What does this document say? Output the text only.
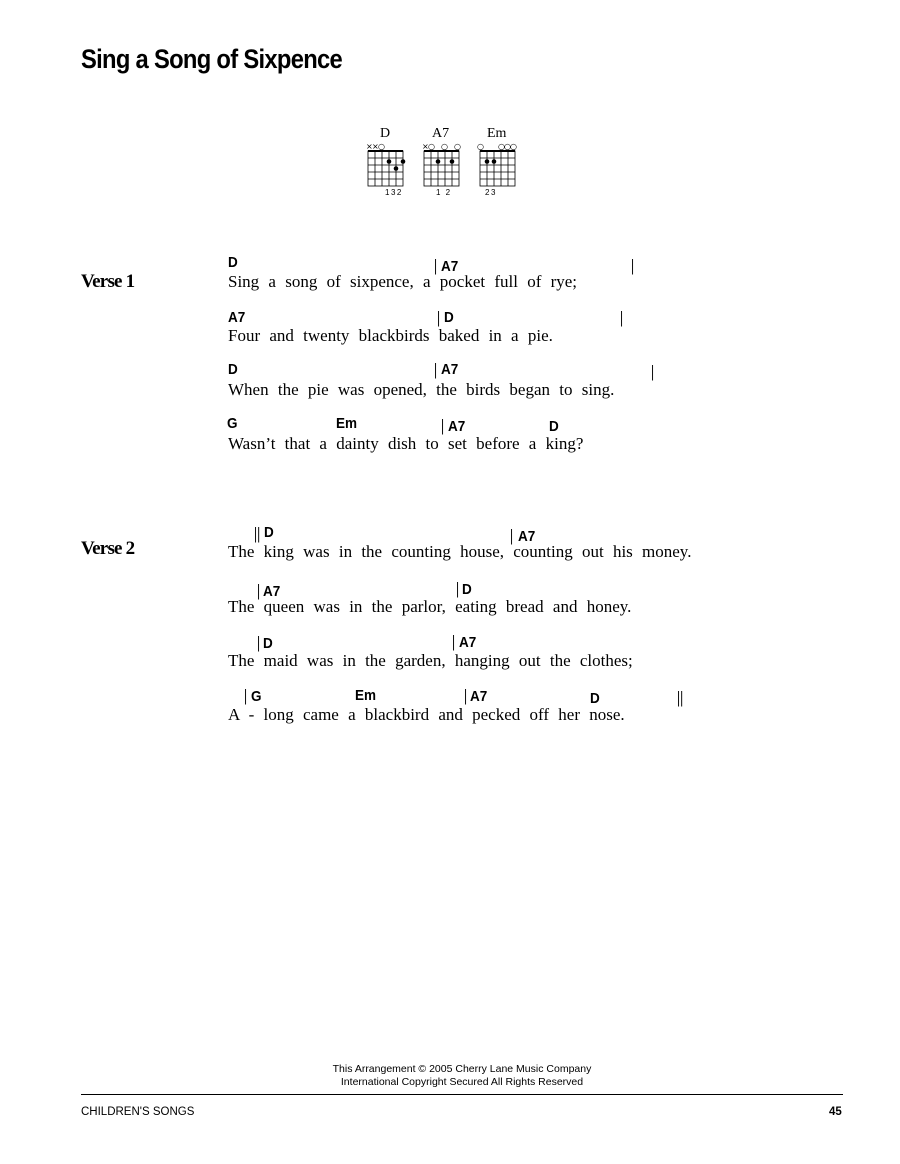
Sing a Song of Sixpence
D
× × ○
132
A7
× ○ ○ ○
1 2
Em
○ ○ ○ ○
23
Verse 1
D	| A7	|
Sing a song of sixpence, a pocket full of rye;
A7	| D	|
Four and twenty blackbirds baked in a pie.
D	| A7	|
When the pie was opened, the birds began to sing.
G	Em	| A7	D
Wasn’t that a dainty dish to set before a king?
Verse 2
|| D	| A7
The king was in the counting house, counting out his money.
| A7	| D
The queen was in the parlor, eating bread and honey.
| D	| A7
The maid was in the garden, hanging out the clothes;
| G	Em	| A7	D	||
A - long came a blackbird and pecked off her nose.
This Arrangement © 2005 Cherry Lane Music Company
International Copyright Secured All Rights Reserved
CHILDREN'S SONGS	45
